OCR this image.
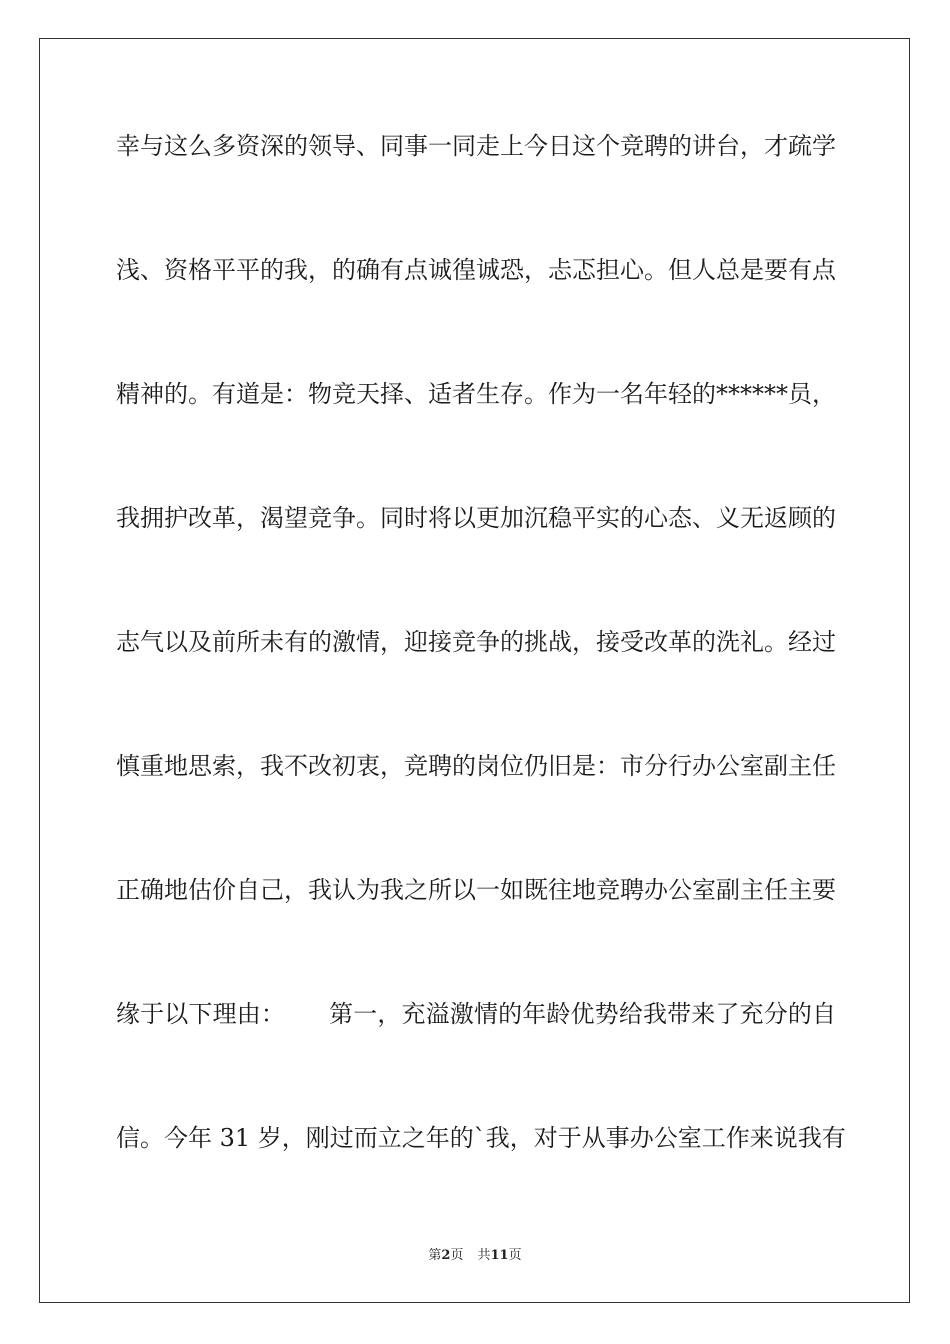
幸与这么多资深的领导、同事一同走上今日这个竞聘的讲台，才疏学
浅、资格平平的我，的确有点诚徨诚恐，忐忑担心。但人总是要有点
精神的。有道是：物竞天择、适者生存。作为一名年轻的******员，
我拥护改革，渴望竞争。同时将以更加沉稳平实的心态、义无返顾的
志气以及前所未有的激情，迎接竞争的挑战，接受改革的洗礼。经过
慎重地思索，我不改初衷，竞聘的岗位仍旧是：市分行办公室副主任
正确地估价自己，我认为我之所以一如既往地竞聘办公室副主任主要
缘于以下理由：　　 第一，充溢激情的年龄优势给我带来了充分的自
信。今年 31 岁，刚过而立之年的`我，对于从事办公室工作来说我有
第2页 共11页
